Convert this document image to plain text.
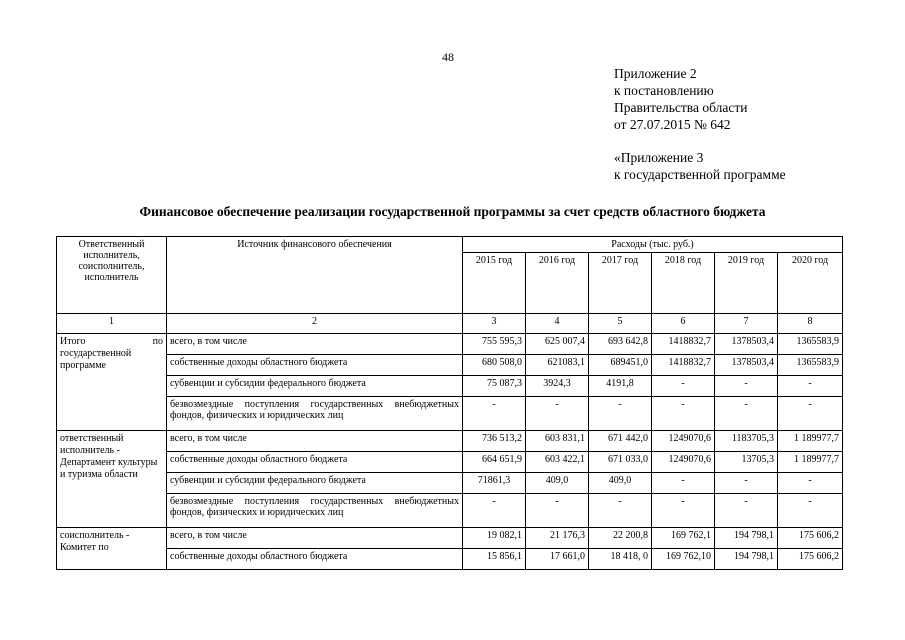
48
Приложение 2
к постановлению
Правительства области
от 27.07.2015 № 642
«Приложение 3
к государственной программе
Финансовое обеспечение реализации государственной программы за счет средств областного бюджета
Ответственный исполнитель, соисполнитель, исполнитель	Источник финансового обеспечения	Расходы (тыс. руб.)					
		2015 год	2016 год	2017 год	2018 год	2019 год	2020 год
1	2	3	4	5	6	7	8
Итого по государственной программе	всего, в том числе	755 595,3	625 007,4	693 642,8	1418832,7	1378503,4	1365583,9
	собственные доходы областного бюджета	680 508,0	621083,1	689451,0	1418832,7	1378503,4	1365583,9
	субвенции и субсидии федерального бюджета	75 087,3	3924,3	4191,8	-	-	-
	безвозмездные поступления государственных внебюджетных фондов, физических и юридических лиц	-	-	-	-	-	-
ответственный исполнитель - Департамент культуры и туризма области	всего, в том числе	736 513,2	603 831,1	671 442,0	1249070,6	1183705,3	1 189977,7
	собственные доходы областного бюджета	664 651,9	603 422,1	671 033,0	1249070,6	13705,3	1 189977,7
	субвенции и субсидии федерального бюджета	71861,3	409,0	409,0	-	-	-
	безвозмездные поступления государственных внебюджетных фондов, физических и юридических лиц	-	-	-	-	-	-
соисполнитель - Комитет по	всего, в том числе	19 082,1	21 176,3	22 200,8	169 762,1	194 798,1	175 606,2
	собственные доходы областного бюджета	15 856,1	17 661,0	18 418, 0	169 762,10	194 798,1	175 606,2
